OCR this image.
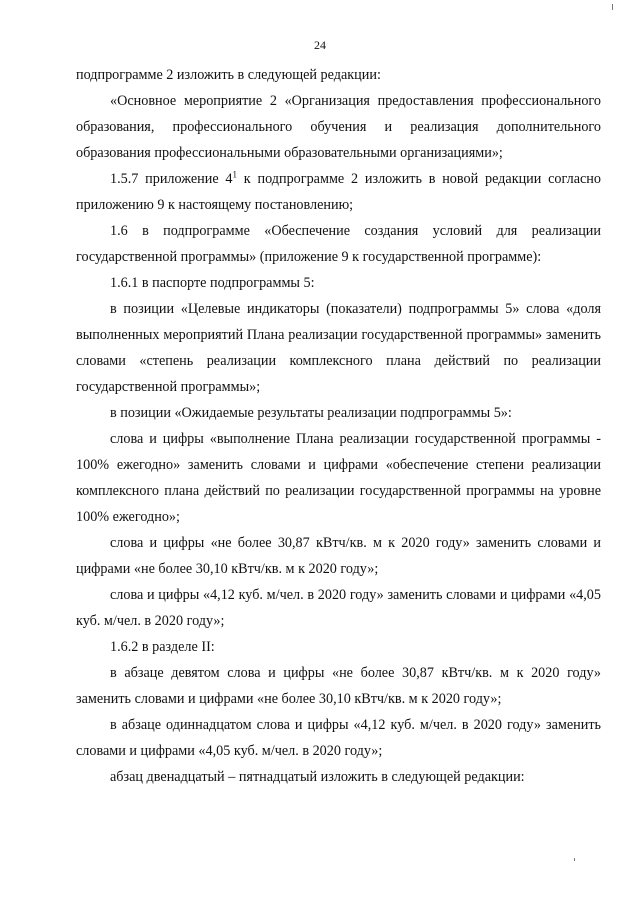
24

подпрограмме 2 изложить в следующей редакции:

«Основное мероприятие 2 «Организация предоставления профессионального образования, профессионального обучения и реализация дополнительного образования профессиональными образовательными организациями»;

1.5.7 приложение $4^1$ к подпрограмме 2 изложить в новой редакции согласно приложению 9 к настоящему постановлению;

1.6 в подпрограмме «Обеспечение создания условий для реализации государственной программы» (приложение 9 к государственной программе):

1.6.1 в паспорте подпрограммы 5:

в позиции «Целевые индикаторы (показатели) подпрограммы 5» слова «доля выполненных мероприятий Плана реализации государственной программы» заменить словами «степень реализации комплексного плана действий по реализации государственной программы»;

в позиции «Ожидаемые результаты реализации подпрограммы 5»:

слова и цифры «выполнение Плана реализации государственной программы - 100% ежегодно» заменить словами и цифрами «обеспечение степени реализации комплексного плана действий по реализации государственной программы на уровне 100% ежегодно»;

слова и цифры «не более 30,87 кВтч/кв. м к 2020 году» заменить словами и цифрами «не более 30,10 кВтч/кв. м к 2020 году»;

слова и цифры «4,12 куб. м/чел. в 2020 году» заменить словами и цифрами «4,05 куб. м/чел. в 2020 году»;

1.6.2 в разделе II:

в абзаце девятом слова и цифры «не более 30,87 кВтч/кв. м к 2020 году» заменить словами и цифрами «не более 30,10 кВтч/кв. м к 2020 году»;

в абзаце одиннадцатом слова и цифры «4,12 куб. м/чел. в 2020 году» заменить словами и цифрами «4,05 куб. м/чел. в 2020 году»;

абзац двенадцатый – пятнадцатый изложить в следующей редакции:
